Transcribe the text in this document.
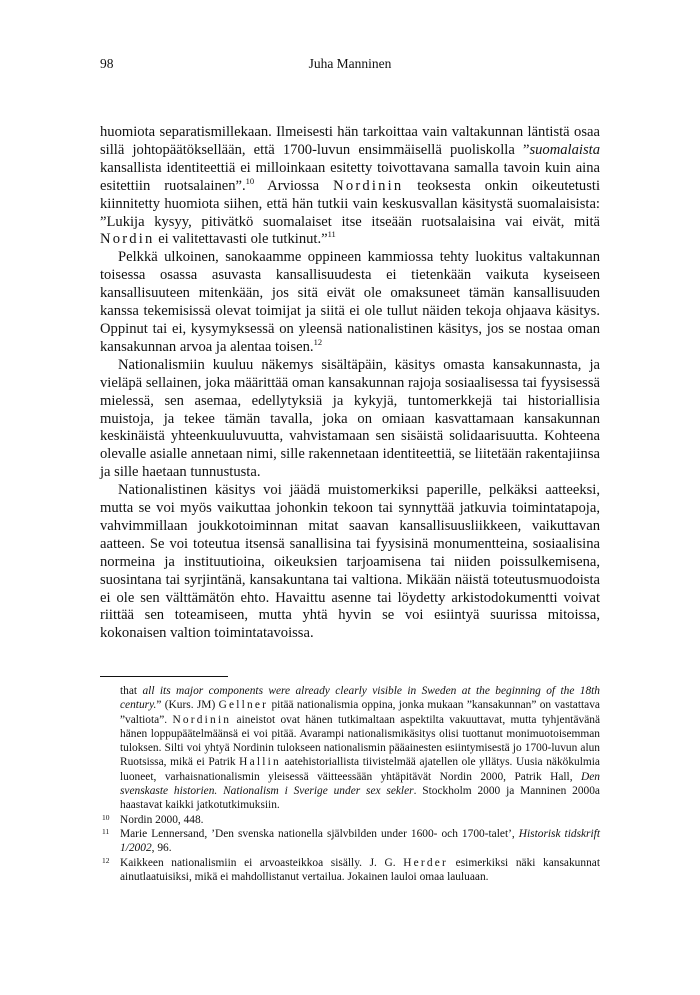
98	Juha Manninen

huomiota separatismillekaan. Ilmeisesti hän tarkoittaa vain valtakunnan läntistä osaa sillä johtopäätöksellään, että 1700-luvun ensimmäisellä puoliskolla ”suomalaista kansallista identiteettiä ei milloinkaan esitetty toivottavana samalla tavoin kuin aina esitettiin ruotsalainen”.$^{10}$ Arviossa Nordinin teoksesta onkin oikeutetusti kiinnitetty huomiota siihen, että hän tutkii vain keskusvallan käsitystä suomalaisista: ”Lukija kysyy, pitivätkö suomalaiset itse itseään ruotsalaisina vai eivät, mitä Nordin ei valitettavasti ole tutkinut.”$^{11}$

Pelkkä ulkoinen, sanokaamme oppineen kammiossa tehty luokitus valtakunnan toisessa osassa asuvasta kansallisuudesta ei tietenkään vaikuta kyseiseen kansallisuuteen mitenkään, jos sitä eivät ole omaksuneet tämän kansallisuuden kanssa tekemisissä olevat toimijat ja siitä ei ole tullut näiden tekoja ohjaava käsitys. Oppinut tai ei, kysymyksessä on yleensä nationalistinen käsitys, jos se nostaa oman kansakunnan arvoa ja alentaa toisen.$^{12}$

Nationalismiin kuuluu näkemys sisältäpäin, käsitys omasta kansakunnasta, ja vieläpä sellainen, joka määrittää oman kansakunnan rajoja sosiaalisessa tai fyysisessä mielessä, sen asemaa, edellytyksiä ja kykyjä, tuntomerkkejä tai historiallisia muistoja, ja tekee tämän tavalla, joka on omiaan kasvattamaan kansakunnan keskinäistä yhteenkuuluvuutta, vahvistamaan sen sisäistä solidaarisuutta. Kohteena olevalle asialle annetaan nimi, sille rakennetaan identiteettiä, se liitetään rakentajiinsa ja sille haetaan tunnustusta.

Nationalistinen käsitys voi jäädä muistomerkiksi paperille, pelkäksi aatteeksi, mutta se voi myös vaikuttaa johonkin tekoon tai synnyttää jatkuvia toimintatapoja, vahvimmillaan joukkotoiminnan mitat saavan kansallisuusliikkeen, vaikuttavan aatteen. Se voi toteutua itsensä sanallisina tai fyysisinä monumentteina, sosiaalisina normeina ja instituutioina, oikeuksien tarjoamisena tai niiden poissulkemisena, suosintana tai syrjintänä, kansakuntana tai valtiona. Mikään näistä toteutusmuodoista ei ole sen välttämätön ehto. Havaittu asenne tai löydetty arkistodokumentti voivat riittää sen toteamiseen, mutta yhtä hyvin se voi esiintyä suurissa mitoissa, kokonaisen valtion toimintatavoissa.

that all its major components were already clearly visible in Sweden at the beginning of the 18th century.” (Kurs. JM) Gellner pitää nationalismia oppina, jonka mukaan ”kansakunnan” on vastattava ”valtiota”. Nordinin aineistot ovat hänen tutkimaltaan aspektilta vakuuttavat, mutta tyhjentävänä hänen loppupäätelmäänsä ei voi pitää. Avarampi nationalismikäsitys olisi tuottanut monimuotoisemman tuloksen. Silti voi yhtyä Nordinin tulokseen nationalismin pääainesten esiintymisestä jo 1700-luvun alun Ruotsissa, mikä ei Patrik Hallin aatehistoriallista tiivistelmää ajatellen ole yllätys. Uusia näkökulmia luoneet, varhaisnationalismin yleisessä väitteessään yhtäpitävät Nordin 2000, Patrik Hall, Den svenskaste historien. Nationalism i Sverige under sex sekler. Stockholm 2000 ja Manninen 2000a haastavat kaikki jatkotutkimuksiin.
10 Nordin 2000, 448.
11 Marie Lennersand, ’Den svenska nationella självbilden under 1600- och 1700-talet’, Historisk tidskrift 1/2002, 96.
12 Kaikkeen nationalismiin ei arvoasteikkoa sisälly. J. G. Herder esimerkiksi näki kansakunnat ainutlaatuisiksi, mikä ei mahdollistanut vertailua. Jokainen lauloi omaa lauluaan.
